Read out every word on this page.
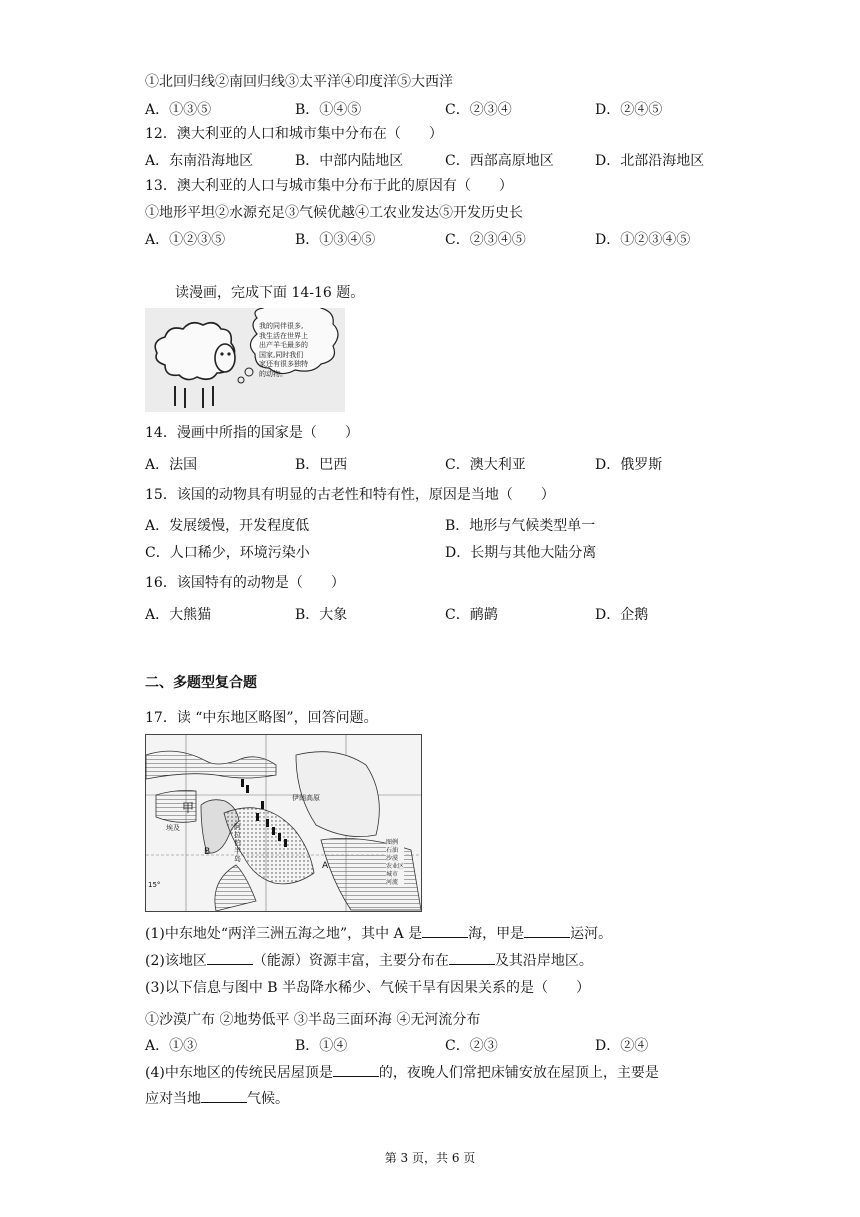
①北回归线②南回归线③太平洋④印度洋⑤大西洋
A．①③⑤	B．①④⑤	C．②③④	D．②④⑤
12．澳大利亚的人口和城市集中分布在（　　）
A．东南沿海地区	B．中部内陆地区	C．西部高原地区	D．北部沿海地区
13．澳大利亚的人口与城市集中分布于此的原因有（　　）
①地形平坦②水源充足③气候优越④工农业发达⑤开发历史长
A．①②③⑤	B．①③④⑤	C．②③④⑤	D．①②③④⑤
读漫画，完成下面 14-16 题。
我的同伴很多,
我生活在世界上
出产羊毛最多的
国家,同时我们
家还有很多独特
的动物。
14．漫画中所指的国家是（　　）
A．法国	B．巴西	C．澳大利亚	D．俄罗斯
15．该国的动物具有明显的古老性和特有性，原因是当地（　　）
A．发展缓慢，开发程度低	B．地形与气候类型单一
C．人口稀少，环境污染小	D．长期与其他大陆分离
16．该国特有的动物是（　　）
A．大熊猫	B．大象	C．鸸鹋	D．企鹅
二、多题型复合题
17．读 “中东地区略图”，回答问题。
甲
B
A
埃及
伊朗高原
阿拉伯半岛
15°
图例
石油
沙漠
农业区
城市
河流
(1)中东地处“两洋三洲五海之地”，其中 A 是	海，甲是	运河。
(2)该地区	（能源）资源丰富，主要分布在	及其沿岸地区。
(3)以下信息与图中 B 半岛降水稀少、气候干旱有因果关系的是（　　）
①沙漠广布 ②地势低平 ③半岛三面环海 ④无河流分布
A．①③	B．①④	C．②③	D．②④
(4)中东地区的传统民居屋顶是	的，夜晚人们常把床铺安放在屋顶上，主要是
应对当地	气候。
第 3 页，共 6 页
